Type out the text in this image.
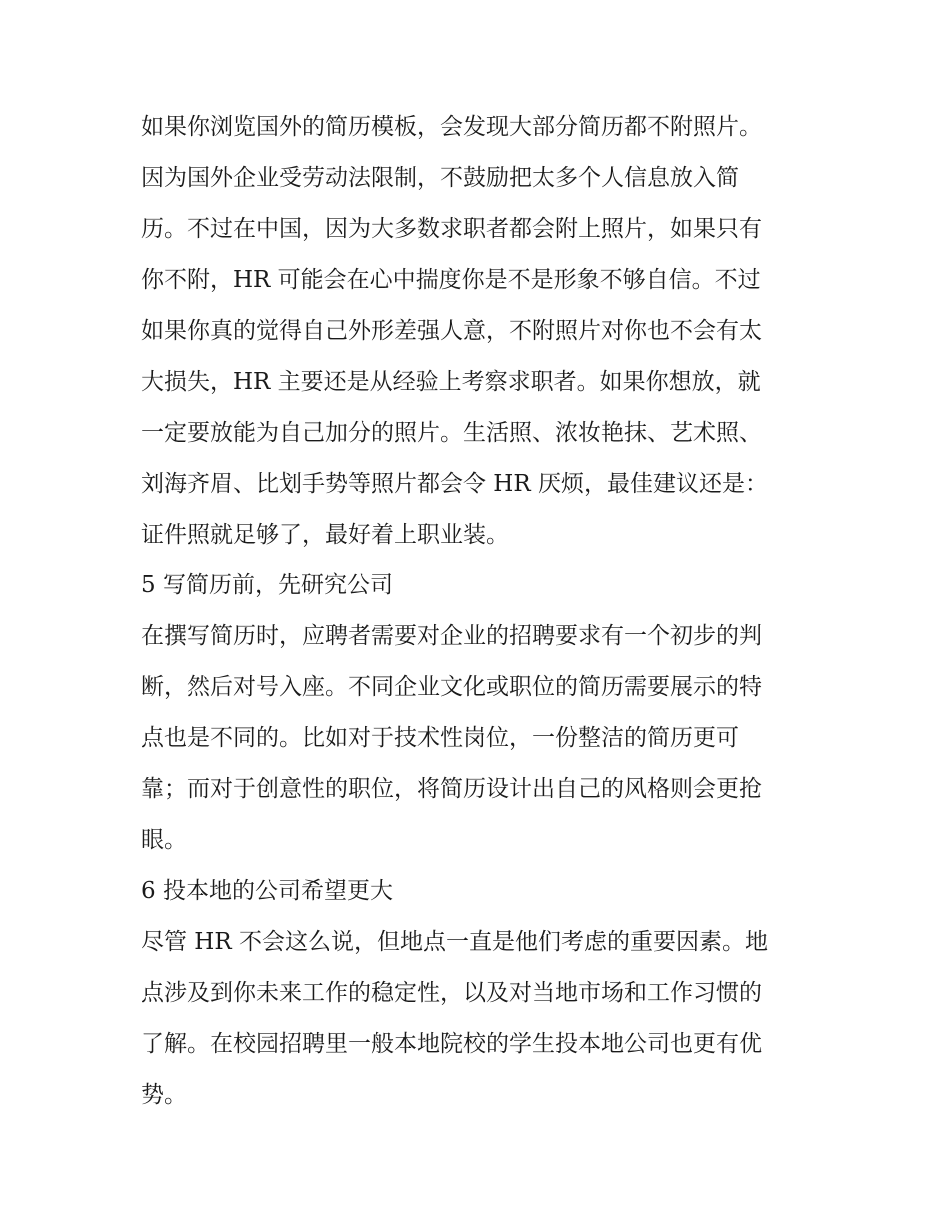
如果你浏览国外的简历模板，会发现大部分简历都不附照片。

因为国外企业受劳动法限制，不鼓励把太多个人信息放入简

历。不过在中国，因为大多数求职者都会附上照片，如果只有

你不附，HR 可能会在心中揣度你是不是形象不够自信。不过

如果你真的觉得自己外形差强人意，不附照片对你也不会有太

大损失，HR 主要还是从经验上考察求职者。如果你想放，就

一定要放能为自己加分的照片。生活照、浓妆艳抹、艺术照、

刘海齐眉、比划手势等照片都会令 HR 厌烦，最佳建议还是：

证件照就足够了，最好着上职业装。

5 写简历前，先研究公司

在撰写简历时，应聘者需要对企业的招聘要求有一个初步的判

断，然后对号入座。不同企业文化或职位的简历需要展示的特

点也是不同的。比如对于技术性岗位，一份整洁的简历更可

靠；而对于创意性的职位，将简历设计出自己的风格则会更抢

眼。

6 投本地的公司希望更大

尽管 HR 不会这么说，但地点一直是他们考虑的重要因素。地

点涉及到你未来工作的稳定性，以及对当地市场和工作习惯的

了解。在校园招聘里一般本地院校的学生投本地公司也更有优

势。
